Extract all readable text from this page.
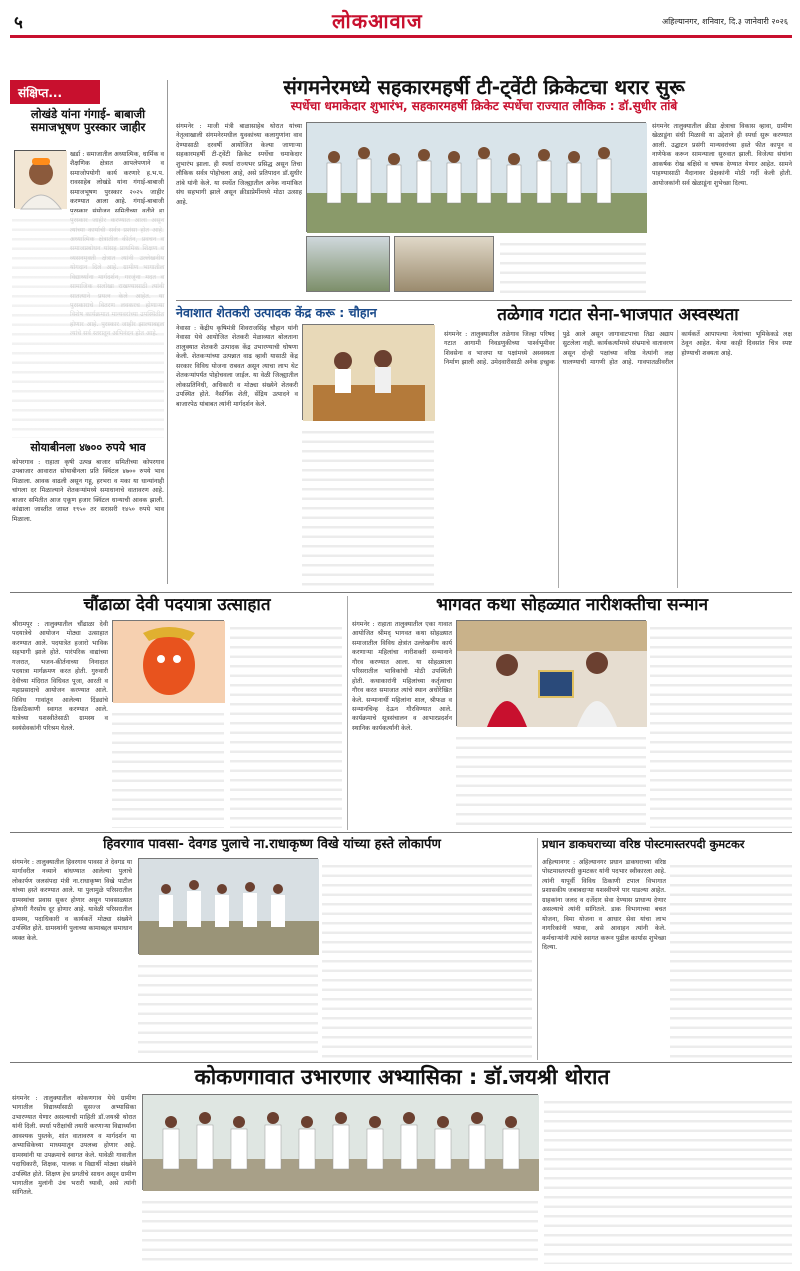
५	लोकआवाज	अहिल्यानगर, शनिवार, दि.३ जानेवारी २०२६
संक्षिप्त...
लोखंडे यांना गंगाई- बाबाजी समाजभूषण पुरस्कार जाहीर
खर्डा : समाजातील अध्यात्मिक, धार्मिक व शैक्षणिक क्षेत्रात आपलेपणाने व समाजोपयोगी कार्य करणारे ह.भ.प. रावसाहेब लोखंडे यांना गंगाई-बाबाजी समाजभूषण पुरस्कार २०२५ जाहीर करण्यात आला आहे. गंगाई-बाबाजी
सोयाबीनला ४७०० रुपये भाव
कोपरगाव : राहाता कृषी उत्पन्न बाजार समितीच्या कोपरगाव उपबाजार आवारात सोयाबीनला प्रति क्विंटल ४७०० रुपये भाव मिळाला. आवक वाढली असून गहू, हरभरा व मका या धान्यांनाही चांगला दर मिळाल्याने शेतकऱ्यांमध्ये समाधानाचे वातावरण आहे. बाजार समितीत आज एकूण हजार क्विंटल धान्याची आवक झाली. कांद्याला जास्तीत जास्त १९५० तर सरासरी १४५० रुपये भाव मिळाला.
संगमनेरमध्ये सहकारमहर्षी टी-ट्वेंटी क्रिकेटचा थरार सुरू
स्पर्धेचा धमाकेदार शुभारंभ, सहकारमहर्षी क्रिकेट स्पर्धेचा राज्यात लौकिक : डॉ.सुधीर तांबे
संगमनेर : माजी मंत्री बाळासाहेब थोरात यांच्या नेतृत्वाखाली संगमनेरमधील युवकांच्या कलागुणांना वाव देण्यासाठी दरवर्षी आयोजित केल्या जाणाऱ्या सहकारमहर्षी टी-ट्वेंटी क्रिकेट स्पर्धेचा धमाकेदार शुभारंभ झाला. ही स्पर्धा राज्यभर प्रसिद्ध असून तिचा लौकिक सर्वत्र पोहोचला आहे, असे प्रतिपादन डॉ.सुधीर तांबे यांनी केले. या स्पर्धेत जिल्ह्यातील अनेक नामांकित संघ सहभागी झाले असून क्रीडाप्रेमींमध्ये मोठा उत्साह आहे.
संगमनेर तालुक्यातील क्रीडा क्षेत्राचा विकास व्हावा, ग्रामीण खेळाडूंना संधी मिळावी या उद्देशाने ही स्पर्धा सुरू करण्यात आली. उद्घाटन प्रसंगी मान्यवरांच्या हस्ते फीत कापून व नाणेफेक करून सामन्याला सुरुवात झाली. विजेत्या संघांना आकर्षक रोख बक्षिसे व चषक देण्यात येणार आहेत. सामने पाहण्यासाठी मैदानावर प्रेक्षकांनी मोठी गर्दी केली होती. आयोजकांनी सर्व खेळाडूंना शुभेच्छा दिल्या.
नेवाशात शेतकरी उत्पादक केंद्र करू : चौहान
नेवासा : केंद्रीय कृषिमंत्री शिवराजसिंह चौहान यांनी नेवासा येथे आयोजित शेतकरी मेळाव्यात बोलताना तालुक्यात शेतकरी उत्पादक केंद्र उभारण्याची घोषणा केली. शेतकऱ्यांच्या उत्पन्नात वाढ व्हावी यासाठी केंद्र सरकार विविध योजना राबवत असून त्याचा लाभ थेट शेतकऱ्यांपर्यंत पोहोचवला जाईल. या वेळी जिल्ह्यातील लोकप्रतिनिधी, अधिकारी व मोठ्या संख्येने शेतकरी उपस्थित होते. नैसर्गिक शेती, सेंद्रिय उत्पादने व बाजारपेठ यांबाबत त्यांनी मार्गदर्शन केले.
तळेगाव गटात सेना-भाजपात अस्वस्थता
संगमनेर : तालुक्यातील तळेगाव जिल्हा परिषद गटात आगामी निवडणुकीच्या पार्श्वभूमीवर शिवसेना व भाजपा या पक्षांमध्ये अस्वस्थता निर्माण झाली आहे. उमेदवारीसाठी अनेक इच्छुक पुढे आले असून जागावाटपाचा तिढा अद्याप सुटलेला नाही. कार्यकर्त्यांमध्ये संभ्रमाचे वातावरण असून दोन्ही पक्षांच्या वरिष्ठ नेत्यांनी लक्ष घालण्याची मागणी होत आहे. गावपातळीवरील कार्यकर्ते आपापल्या नेत्यांच्या भूमिकेकडे लक्ष ठेवून आहेत. येत्या काही दिवसांत चित्र स्पष्ट होण्याची शक्यता आहे.
चौंढाळा देवी पदयात्रा उत्साहात
श्रीरामपूर : तालुक्यातील चौंढाळा देवी पदयात्रेचे आयोजन मोठ्या उत्साहात करण्यात आले. पदयात्रेत हजारो भाविक सहभागी झाले होते. पारंपरिक वाद्यांच्या गजरात, भजन-कीर्तनाच्या निनादात पदयात्रा मार्गक्रमण करत होती. गुरुवारी देवीच्या मंदिरात विधिवत पूजा, आरती व महाप्रसादाचे आयोजन करण्यात आले. विविध गावांतून आलेल्या दिंड्यांचे ठिकठिकाणी स्वागत करण्यात आले. यात्रेच्या यशस्वीतेसाठी ग्रामस्थ व स्वयंसेवकांनी परिश्रम घेतले.
भागवत कथा सोहळ्यात नारीशक्तीचा सन्मान
संगमनेर : राहाता तालुक्यातील एका गावात आयोजित श्रीमद् भागवत कथा सोहळ्यात समाजातील विविध क्षेत्रांत उल्लेखनीय कार्य करणाऱ्या महिलांचा नारीशक्ती सन्मानाने गौरव करण्यात आला. या सोहळ्याला परिसरातील भाविकांची मोठी उपस्थिती होती. कथाकारांनी महिलांच्या कर्तृत्वाचा गौरव करत समाजात त्यांचे स्थान अधोरेखित केले. सन्मानार्थी महिलांना शाल, श्रीफळ व सन्मानचिन्ह देऊन गौरविण्यात आले. कार्यक्रमाचे सूत्रसंचालन व आभारप्रदर्शन स्थानिक कार्यकर्त्यांनी केले.
हिवरगाव पावसा- देवगड पुलाचे ना.राधाकृष्ण विखे यांच्या हस्ते लोकार्पण
संगमनेर : तालुक्यातील हिवरगाव पावसा ते देवगड या मार्गावरील नव्याने बांधण्यात आलेल्या पुलाचे लोकार्पण जलसंपदा मंत्री ना.राधाकृष्ण विखे पाटील यांच्या हस्ते करण्यात आले. या पुलामुळे परिसरातील ग्रामस्थांचा प्रवास सुकर होणार असून पावसाळ्यात होणारी गैरसोय दूर होणार आहे. यावेळी परिसरातील ग्रामस्थ, पदाधिकारी व कार्यकर्ते मोठ्या संख्येने उपस्थित होते. ग्रामस्थांनी पुलाच्या कामाबद्दल समाधान व्यक्त केले.
प्रधान डाकघराच्या वरिष्ठ पोस्टमास्तरपदी कुमटकर
अहिल्यानगर : अहिल्यानगर प्रधान डाकघराच्या वरिष्ठ पोस्टमास्तरपदी कुमटकर यांनी पदभार स्वीकारला आहे. त्यांनी यापूर्वी विविध ठिकाणी टपाल विभागात प्रशासकीय जबाबदाऱ्या यशस्वीपणे पार पाडल्या आहेत. ग्राहकांना जलद व दर्जेदार सेवा देण्यास प्राधान्य देणार असल्याचे त्यांनी सांगितले. डाक विभागाच्या बचत योजना, विमा योजना व आधार सेवा यांचा लाभ नागरिकांनी घ्यावा, असे आवाहन त्यांनी केले. कर्मचाऱ्यांनी त्यांचे स्वागत करून पुढील कार्यास शुभेच्छा दिल्या.
कोकणगावात उभारणार अभ्यासिका : डॉ.जयश्री थोरात
संगमनेर : तालुक्यातील कोकणगाव येथे ग्रामीण भागातील विद्यार्थ्यांसाठी सुसज्ज अभ्यासिका उभारण्यात येणार असल्याची माहिती डॉ.जयश्री थोरात यांनी दिली. स्पर्धा परीक्षांची तयारी करणाऱ्या विद्यार्थ्यांना आवश्यक पुस्तके, शांत वातावरण व मार्गदर्शन या अभ्यासिकेच्या माध्यमातून उपलब्ध होणार आहे. ग्रामस्थांनी या उपक्रमाचे स्वागत केले. यावेळी गावातील पदाधिकारी, शिक्षक, पालक व विद्यार्थी मोठ्या संख्येने उपस्थित होते. शिक्षण हेच प्रगतीचे साधन असून ग्रामीण भागातील मुलांनी उंच भरारी घ्यावी, असे त्यांनी सांगितले.
